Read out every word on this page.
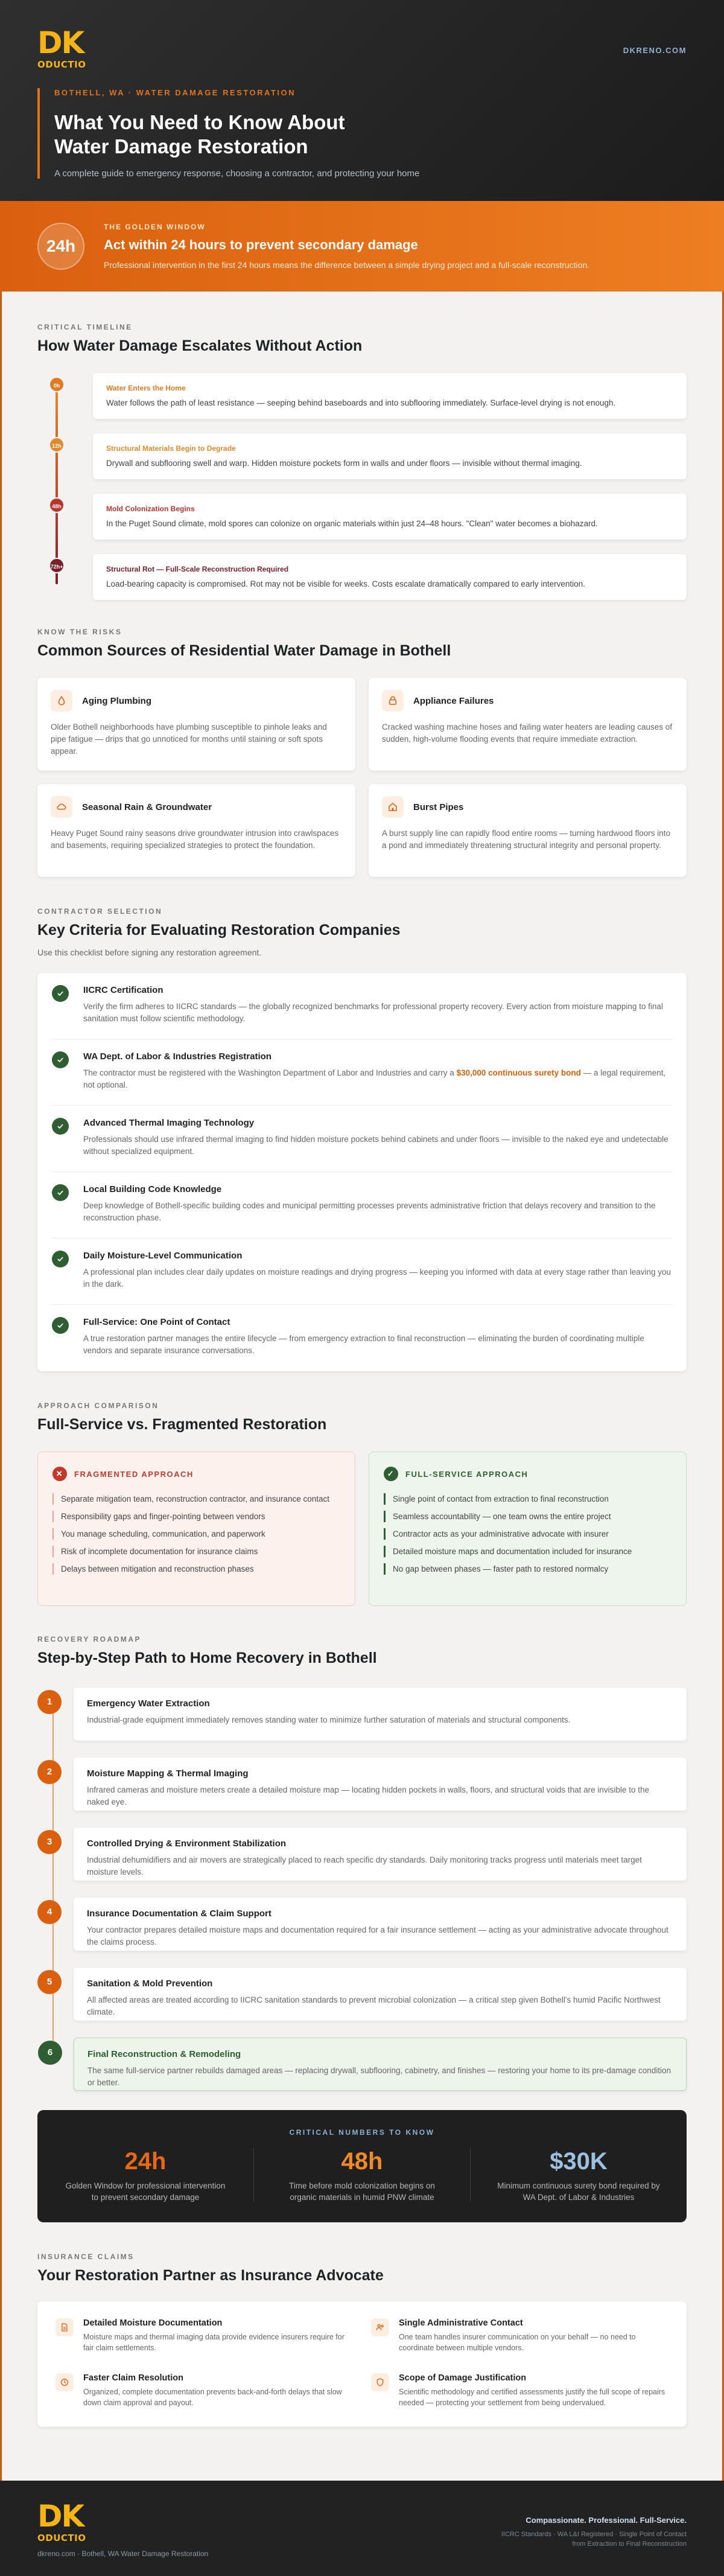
DK
ODUCTIO
DKRENO.COM
BOTHELL, WA · WATER DAMAGE RESTORATION
What You Need to Know About Water Damage Restoration
A complete guide to emergency response, choosing a contractor, and protecting your home
24h
THE GOLDEN WINDOW
Act within 24 hours to prevent secondary damage
Professional intervention in the first 24 hours means the difference between a simple drying project and a full-scale reconstruction.
CRITICAL TIMELINE
How Water Damage Escalates Without Action
0h	Water Enters the Home
Water follows the path of least resistance — seeping behind baseboards and into subflooring immediately. Surface-level drying is not enough.
12h	Structural Materials Begin to Degrade
Drywall and subflooring swell and warp. Hidden moisture pockets form in walls and under floors — invisible without thermal imaging.
48h	Mold Colonization Begins
In the Puget Sound climate, mold spores can colonize on organic materials within just 24–48 hours. "Clean" water becomes a biohazard.
72h+	Structural Rot — Full-Scale Reconstruction Required
Load-bearing capacity is compromised. Rot may not be visible for weeks. Costs escalate dramatically compared to early intervention.
KNOW THE RISKS
Common Sources of Residential Water Damage in Bothell
Aging Plumbing
Older Bothell neighborhoods have plumbing susceptible to pinhole leaks and pipe fatigue — drips that go unnoticed for months until staining or soft spots appear.
Appliance Failures
Cracked washing machine hoses and failing water heaters are leading causes of sudden, high-volume flooding events that require immediate extraction.
Seasonal Rain & Groundwater
Heavy Puget Sound rainy seasons drive groundwater intrusion into crawlspaces and basements, requiring specialized strategies to protect the foundation.
Burst Pipes
A burst supply line can rapidly flood entire rooms — turning hardwood floors into a pond and immediately threatening structural integrity and personal property.
CONTRACTOR SELECTION
Key Criteria for Evaluating Restoration Companies
Use this checklist before signing any restoration agreement.
IICRC Certification
Verify the firm adheres to IICRC standards — the globally recognized benchmarks for professional property recovery. Every action from moisture mapping to final sanitation must follow scientific methodology.
WA Dept. of Labor & Industries Registration
The contractor must be registered with the Washington Department of Labor and Industries and carry a $30,000 continuous surety bond — a legal requirement, not optional.
Advanced Thermal Imaging Technology
Professionals should use infrared thermal imaging to find hidden moisture pockets behind cabinets and under floors — invisible to the naked eye and undetectable without specialized equipment.
Local Building Code Knowledge
Deep knowledge of Bothell-specific building codes and municipal permitting processes prevents administrative friction that delays recovery and transition to the reconstruction phase.
Daily Moisture-Level Communication
A professional plan includes clear daily updates on moisture readings and drying progress — keeping you informed with data at every stage rather than leaving you in the dark.
Full-Service: One Point of Contact
A true restoration partner manages the entire lifecycle — from emergency extraction to final reconstruction — eliminating the burden of coordinating multiple vendors and separate insurance conversations.
APPROACH COMPARISON
Full-Service vs. Fragmented Restoration
✕	FRAGMENTED APPROACH
Separate mitigation team, reconstruction contractor, and insurance contact
Responsibility gaps and finger-pointing between vendors
You manage scheduling, communication, and paperwork
Risk of incomplete documentation for insurance claims
Delays between mitigation and reconstruction phases
✓	FULL-SERVICE APPROACH
Single point of contact from extraction to final reconstruction
Seamless accountability — one team owns the entire project
Contractor acts as your administrative advocate with insurer
Detailed moisture maps and documentation included for insurance
No gap between phases — faster path to restored normalcy
RECOVERY ROADMAP
Step-by-Step Path to Home Recovery in Bothell
1	Emergency Water Extraction
Industrial-grade equipment immediately removes standing water to minimize further saturation of materials and structural components.
2	Moisture Mapping & Thermal Imaging
Infrared cameras and moisture meters create a detailed moisture map — locating hidden pockets in walls, floors, and structural voids that are invisible to the naked eye.
3	Controlled Drying & Environment Stabilization
Industrial dehumidifiers and air movers are strategically placed to reach specific dry standards. Daily monitoring tracks progress until materials meet target moisture levels.
4	Insurance Documentation & Claim Support
Your contractor prepares detailed moisture maps and documentation required for a fair insurance settlement — acting as your administrative advocate throughout the claims process.
5	Sanitation & Mold Prevention
All affected areas are treated according to IICRC sanitation standards to prevent microbial colonization — a critical step given Bothell's humid Pacific Northwest climate.
6	Final Reconstruction & Remodeling
The same full-service partner rebuilds damaged areas — replacing drywall, subflooring, cabinetry, and finishes — restoring your home to its pre-damage condition or better.
CRITICAL NUMBERS TO KNOW
24h
Golden Window for professional intervention to prevent secondary damage
48h
Time before mold colonization begins on organic materials in humid PNW climate
$30K
Minimum continuous surety bond required by WA Dept. of Labor & Industries
INSURANCE CLAIMS
Your Restoration Partner as Insurance Advocate
Detailed Moisture Documentation
Moisture maps and thermal imaging data provide evidence insurers require for fair claim settlements.
Single Administrative Contact
One team handles insurer communication on your behalf — no need to coordinate between multiple vendors.
Faster Claim Resolution
Organized, complete documentation prevents back-and-forth delays that slow down claim approval and payout.
Scope of Damage Justification
Scientific methodology and certified assessments justify the full scope of repairs needed — protecting your settlement from being undervalued.
DK
ODUCTIO
dkreno.com · Bothell, WA Water Damage Restoration
Compassionate. Professional. Full-Service.
IICRC Standards · WA L&I Registered · Single Point of Contact from Extraction to Final Reconstruction
